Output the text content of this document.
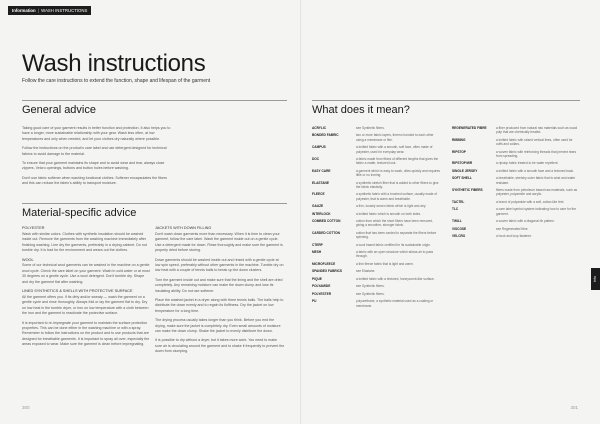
Information | WASH INSTRUCTIONS
Wash instructions
Follow the care instructions to extend the function, shape and lifespan of the garment
General advice

Taking good care of your garment results in better function and protection. It also helps you to have a longer, more sustainable relationship with your gear. Wash less often, at low temperatures and only when needed, and let your clothes dry naturally where possible.

Follow the instructions on the product's care label and use detergent designed for technical fabrics to avoid damage to the material.

To ensure that your garment maintains its shape and to avoid wear and tear, always close zippers, Velcro openings, buttons and button holes before washing.

Don't use fabric softener when washing functional clothes. Softener encapsulates the fibers and this can reduce the fabric's ability to transport moisture.

Material-specific advice

POLYESTER
Wash with similar colors. Clothes with synthetic insulation should be washed inside out. Remove the garments from the washing machine immediately after finishing washing. Line dry the garments, preferably in a drying cabinet. Do not tumble dry. It is bad for the environment and wears out the clothes.

WOOL
Some of our technical wool garments can be washed in the machine on a gentle wool cycle. Check the care label on your garment. Wash in cold water or at most 30 degrees on a gentle cycle. Use a wool detergent. Don't tumble dry. Shape and dry the garment flat after washing.

LINED SYNTHETICS & SHELLS WITH PROTECTIVE SURFACE
All the garment offers you. If its dirty and/or sweaty — wash the garment on a gentle cycle and rinse thoroughly. Always fold or lay the garment flat to dry. Dry on low heat in the tumble dryer, or iron on low temperature with a cloth between the iron and the garment to reactivate the protective surface.

It is important to re-impregnate your garment to maintain the surface protection properties. This can be done either in the washing machine or with a spray. Remember to follow the instructions on the product and to use products that are designed for breathable garments. It is important to spray all over, especially the areas exposed to wear. Make sure the garment is clean before impregnating.

JACKETS WITH DOWN FILLING
Don't wash down garments more than necessary. When it is time to clean your garment, follow the care label. Wash the garment inside out on a gentle cycle. Use a detergent made for down. Rinse thoroughly and make sure the garment is properly dried before storing.

Down garments should be washed inside out and rinsed with a gentle cycle at low spin speed, preferably without other garments in the machine. Tumble dry on low heat with a couple of tennis balls to break up the down clusters.

Turn the garment inside out and make sure that the lining and the shell are dried completely. Any remaining moisture can make the down clump and lose its insulating ability. Do not use softener.

Place the washed jacket in a dryer along with three tennis balls. The balls help to distribute the down evenly and to regain its fluffiness. Dry the jacket on low temperature for a long time.

The drying process usually takes longer than you think. Before you end the drying, make sure the jacket is completely dry. Even small amounts of moisture can make the down clump. Shake the jacket to evenly distribute the down.

It is possible to dry without a dryer, but it takes more work. You need to make sure air is circulating around the garment and to shake it frequently to prevent the down from clumping.

What does it mean?
ACRYLIC	see Synthetic fibers.
BONDED FABRIC	two or more fabric layers, thermo bonded to each other using a membrane or film.
CAMPUS	a knitted fabric with a smooth, soft face, often made of polyester, used for everyday wear.
DOC	a fabric made from fibers of different lengths that gives the fabric a matte, textured look.
EASY CARE	a garment which is easy to wash, dries quickly and requires little or no ironing.
ELASTANE	a synthetic stretch fiber that is added to other fibers to give the fabric elasticity.
FLEECE	a synthetic fabric with a brushed surface, usually made of polyester, that is warm and breathable.
GAUZE	a thin, loosely woven fabric which is light and airy.
INTERLOCK	a knitted fabric which is smooth on both sides.
COMBED COTTON	cotton from which the short fibers have been removed, giving a smoother, stronger fabric.
CARDED COTTON	cotton that has been carded to separate the fibers before spinning.
CTERP	a wool based fabric certified for its sustainable origin.
MESH	a fabric with an open structure which allows air to pass through.
MICROFLEECE	a thin fleece fabric that is light and warm.
SPANDEX FABRICS	see Elastane.
PIQUE	a knitted fabric with a textured, honeycomb-like surface.
POLYAMIDE	see Synthetic fibers.
POLYESTER	see Synthetic fibers.
PU	polyurethane, a synthetic material used as a coating or membrane.
REGENERATED FIBRE	a fiber produced from natural raw materials such as wood pulp that are chemically treated.
RIBBING	a knitted fabric with raised vertical lines, often used for cuffs and collars.
RIPSTOP	a woven fabric with reinforcing threads that prevent tears from spreading.
RIPSTOP/WR	a ripstop fabric treated to be water repellent.
SINGLE JERSEY	a knitted fabric with a smooth face and a textured back.
SOFT SHELL	a breathable, stretchy outer fabric that is wind and water resistant.
SYNTHETIC FIBERS	fibers made from petroleum based raw materials, such as polyester, polyamide and acrylic.
TACTEL	a brand of polyamide with a soft, cotton-like feel.
TLC	a care label symbol system indicating how to care for the garment.
TWILL	a woven fabric with a diagonal rib pattern.
VISCOSE	see Regenerated fibre.
VELCRO	a hook and loop fastener.
Info
300	301
